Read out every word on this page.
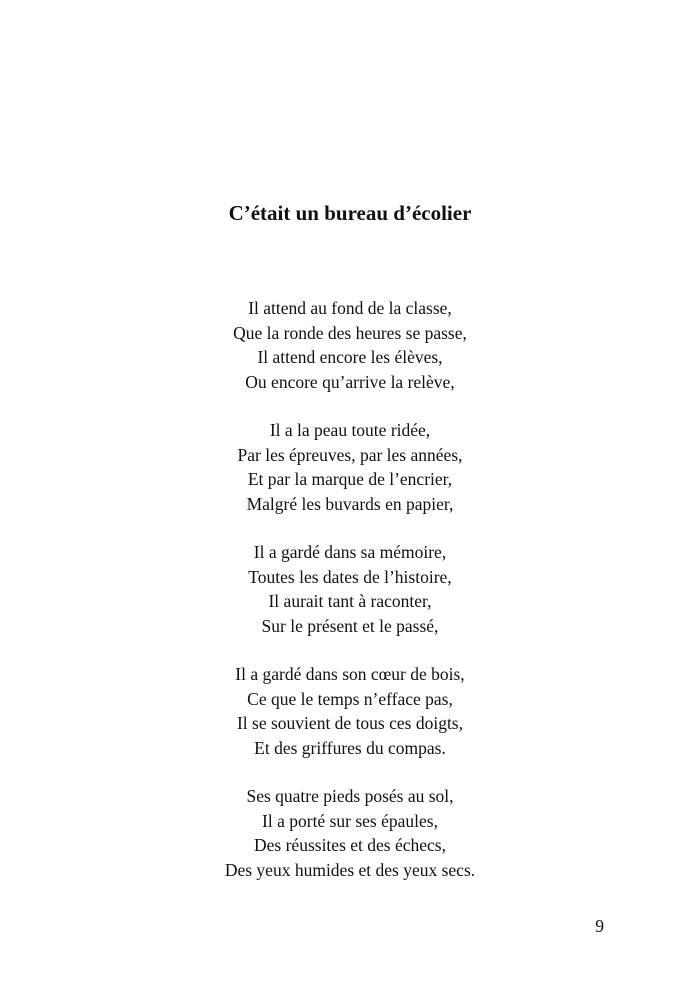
C’était un bureau d’écolier
Il attend au fond de la classe,
Que la ronde des heures se passe,
Il attend encore les élèves,
Ou encore qu’arrive la relève,
Il a la peau toute ridée,
Par les épreuves, par les années,
Et par la marque de l’encrier,
Malgré les buvards en papier,
Il a gardé dans sa mémoire,
Toutes les dates de l’histoire,
Il aurait tant à raconter,
Sur le présent et le passé,
Il a gardé dans son cœur de bois,
Ce que le temps n’efface pas,
Il se souvient de tous ces doigts,
Et des griffures du compas.
Ses quatre pieds posés au sol,
Il a porté sur ses épaules,
Des réussites et des échecs,
Des yeux humides et des yeux secs.
9
